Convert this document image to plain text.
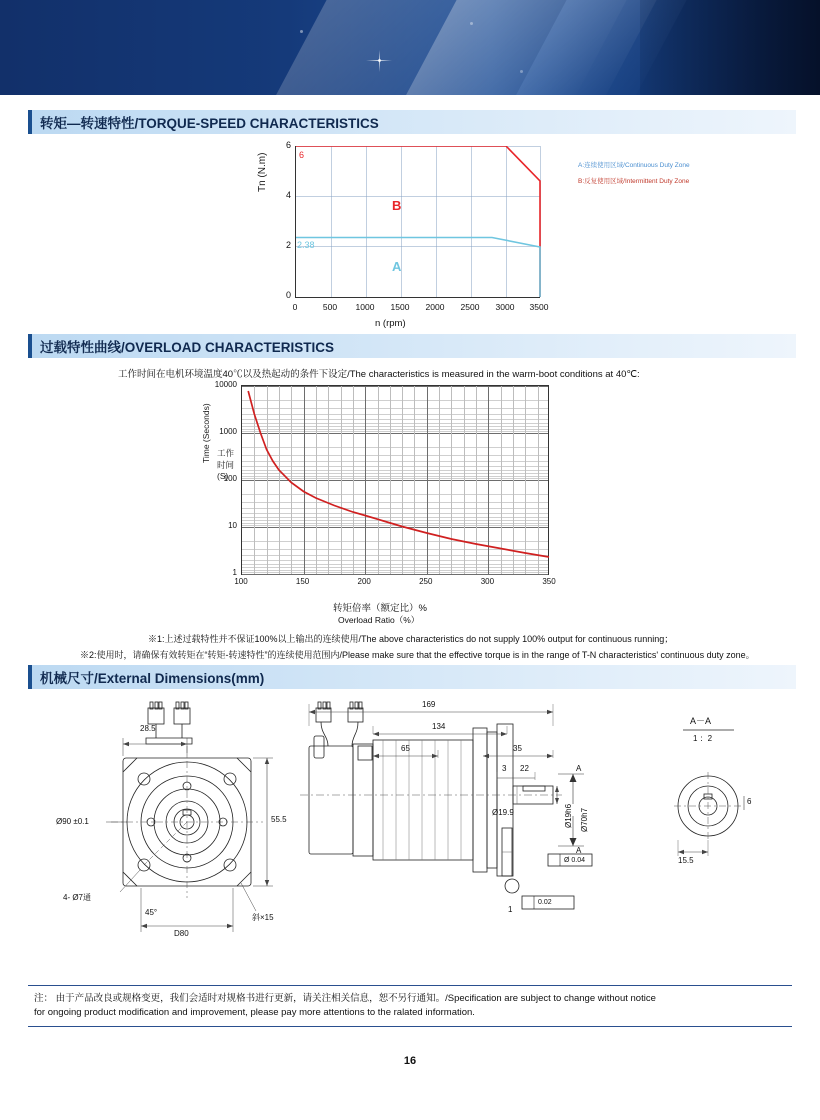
转矩—转速特性/TORQUE-SPEED CHARACTERISTICS
Tn (N.m)
B
A
6
4
2
0
6
2.38
0	500	1000	1500	2000	2500	3000	3500
n (rpm)
A:连续使用区域/Continuous Duty Zone
B:反复使用区域/Intermittent Duty Zone
过载特性曲线/OVERLOAD CHARACTERISTICS
工作时间在电机环境温度40℃以及热起动的条件下设定/The characteristics is measured in the warm-boot conditions at 40℃:
Time (Seconds) 工作
时间
(S)
10000
1000
100
10
1
100	150	200	250	300	350
转矩倍率（额定比）%
Overload Ratio（%）
※1:上述过载特性并不保证100%以上输出的连续使用/The above characteristics do not supply 100% output for continuous running；
※2:使用时，请确保有效转矩在“转矩-转速特性”的连续使用范围内/Please make sure that the effective torque is in the range of T-N characteristics' continuous duty zone。
机械尺寸/External Dimensions(mm)
28.5
55.5
Ø90 ±0.1
4- Ø7通
45°
D80
斜×15
169
134
65	35
3 22
Ø19.9	Ø19h6 Ø70h7
Ø 0.04
0.02
A
A
1
A－A
1 ：2
15.5
6

注： 由于产品改良或规格变更，我们会适时对规格书进行更新，请关注相关信息，恕不另行通知。/Specification are subject to change without notice

for ongoing product modification and improvement, please pay more attentions to the ralated information.

16
